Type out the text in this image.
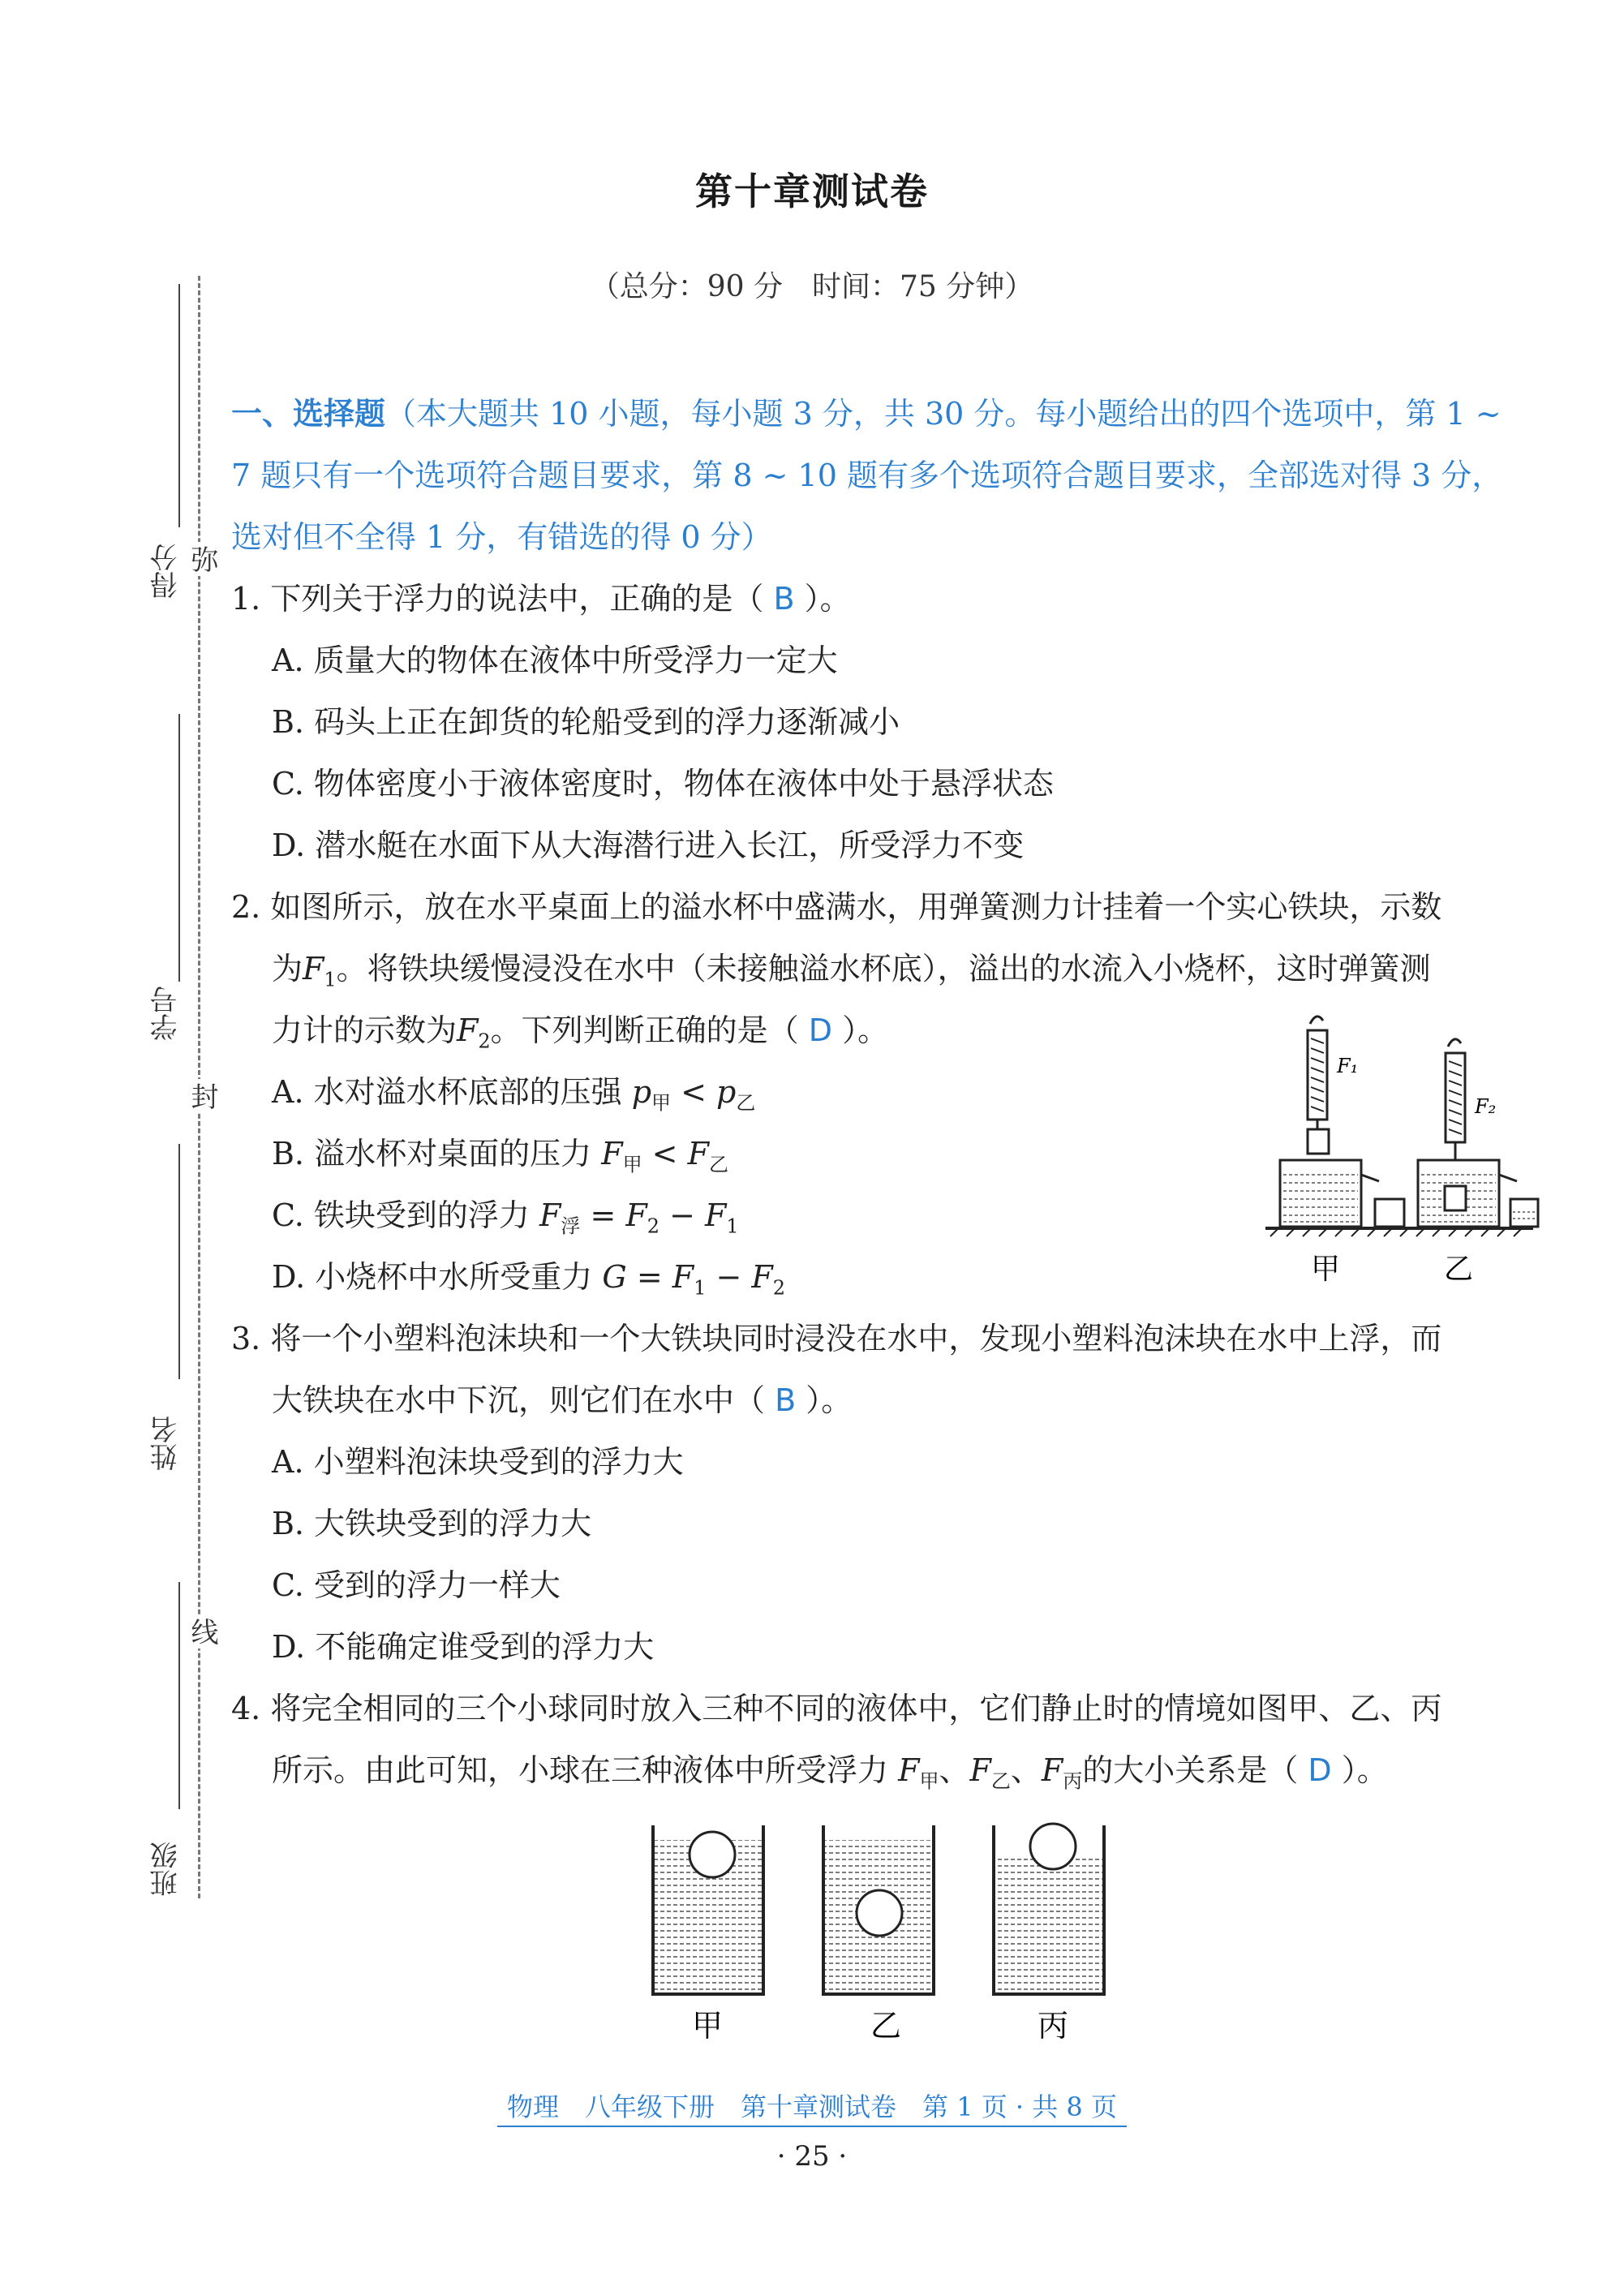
第十章测试卷
（总分：90 分　时间：75 分钟）
得分
学号
姓名
班级
弥
封
线
一、选择题（本大题共 10 小题，每小题 3 分，共 30 分。每小题给出的四个选项中，第 1 ~
7 题只有一个选项符合题目要求，第 8 ~ 10 题有多个选项符合题目要求，全部选对得 3 分，
选对但不全得 1 分，有错选的得 0 分）
1. 下列关于浮力的说法中，正确的是（ B ）。
A. 质量大的物体在液体中所受浮力一定大
B. 码头上正在卸货的轮船受到的浮力逐渐减小
C. 物体密度小于液体密度时，物体在液体中处于悬浮状态
D. 潜水艇在水面下从大海潜行进入长江，所受浮力不变
2. 如图所示，放在水平桌面上的溢水杯中盛满水，用弹簧测力计挂着一个实心铁块，示数
为$F_1$。将铁块缓慢浸没在水中（未接触溢水杯底），溢出的水流入小烧杯，这时弹簧测
力计的示数为$F_2$。下列判断正确的是（ D ）。
A. 水对溢水杯底部的压强 $p_甲 < p_乙$
B. 溢水杯对桌面的压力 $F_甲 < F_乙$
C. 铁块受到的浮力 $F_浮 = F_2 - F_1$
D. 小烧杯中水所受重力 $G = F_1 - F_2$
F₁
F₂
甲	乙
3. 将一个小塑料泡沫块和一个大铁块同时浸没在水中，发现小塑料泡沫块在水中上浮，而
大铁块在水中下沉，则它们在水中（ B ）。
A. 小塑料泡沫块受到的浮力大
B. 大铁块受到的浮力大
C. 受到的浮力一样大
D. 不能确定谁受到的浮力大
4. 将完全相同的三个小球同时放入三种不同的液体中，它们静止时的情境如图甲、乙、丙
所示。由此可知，小球在三种液体中所受浮力 $F_甲$、$F_乙$、$F_丙$的大小关系是（ D ）。
甲	乙	丙
物理　八年级下册　第十章测试卷　第 1 页 · 共 8 页
· 25 ·
